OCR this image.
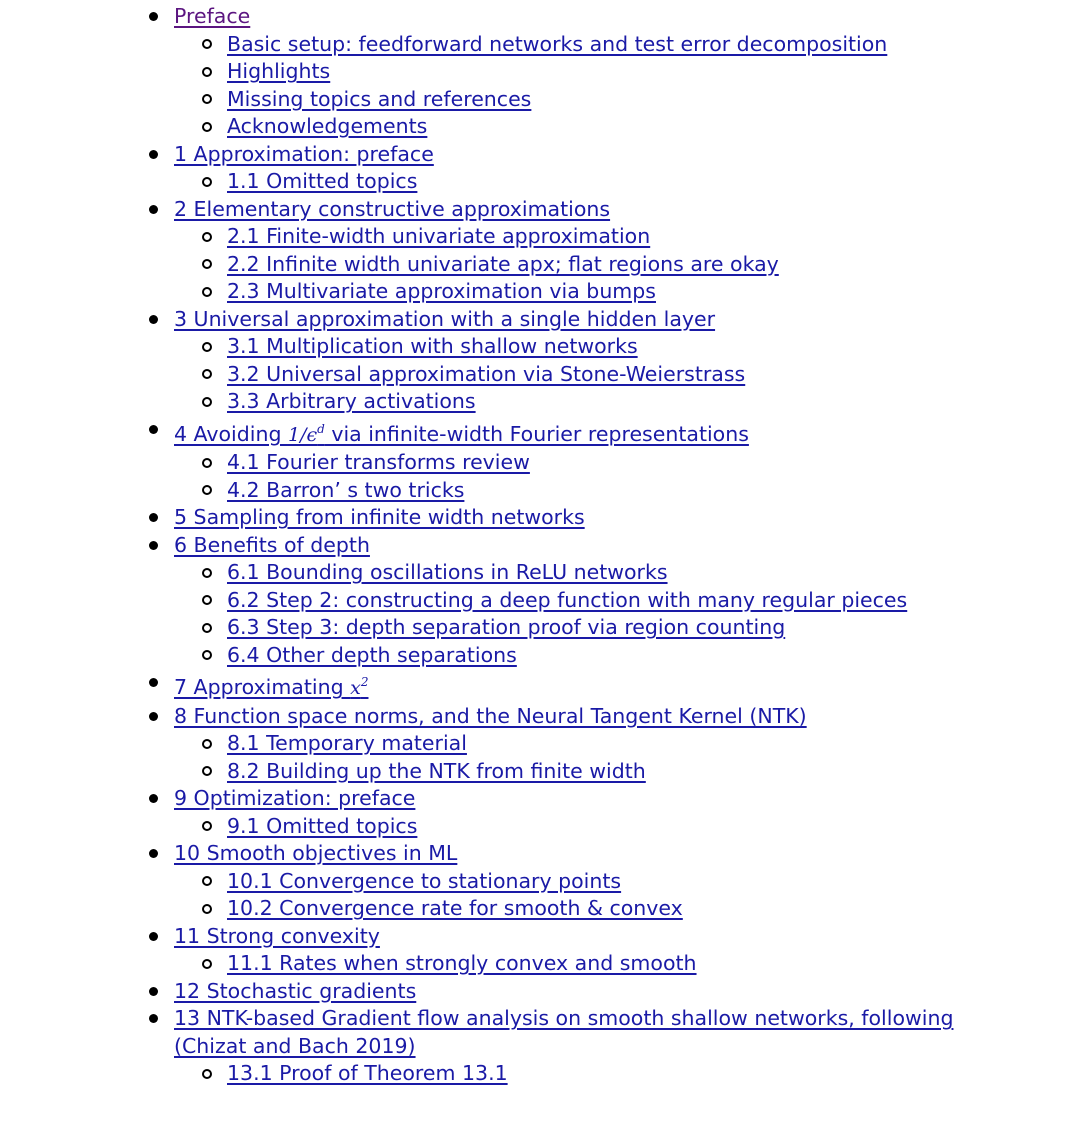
Preface
Basic setup: feedforward networks and test error decomposition
Highlights
Missing topics and references
Acknowledgements
1 Approximation: preface
1.1 Omitted topics
2 Elementary constructive approximations
2.1 Finite-width univariate approximation
2.2 Infinite width univariate apx; flat regions are okay
2.3 Multivariate approximation via bumps
3 Universal approximation with a single hidden layer
3.1 Multiplication with shallow networks
3.2 Universal approximation via Stone-Weierstrass
3.3 Arbitrary activations
4 Avoiding $1/\epsilon^d$ via infinite-width Fourier representations
4.1 Fourier transforms review
4.2 Barron’ s two tricks
5 Sampling from infinite width networks
6 Benefits of depth
6.1 Bounding oscillations in ReLU networks
6.2 Step 2: constructing a deep function with many regular pieces
6.3 Step 3: depth separation proof via region counting
6.4 Other depth separations
7 Approximating $x^2$
8 Function space norms, and the Neural Tangent Kernel (NTK)
8.1 Temporary material
8.2 Building up the NTK from finite width
9 Optimization: preface
9.1 Omitted topics
10 Smooth objectives in ML
10.1 Convergence to stationary points
10.2 Convergence rate for smooth & convex
11 Strong convexity
11.1 Rates when strongly convex and smooth
12 Stochastic gradients
13 NTK-based Gradient flow analysis on smooth shallow networks, following (Chizat and Bach 2019)
13.1 Proof of Theorem 13.1
